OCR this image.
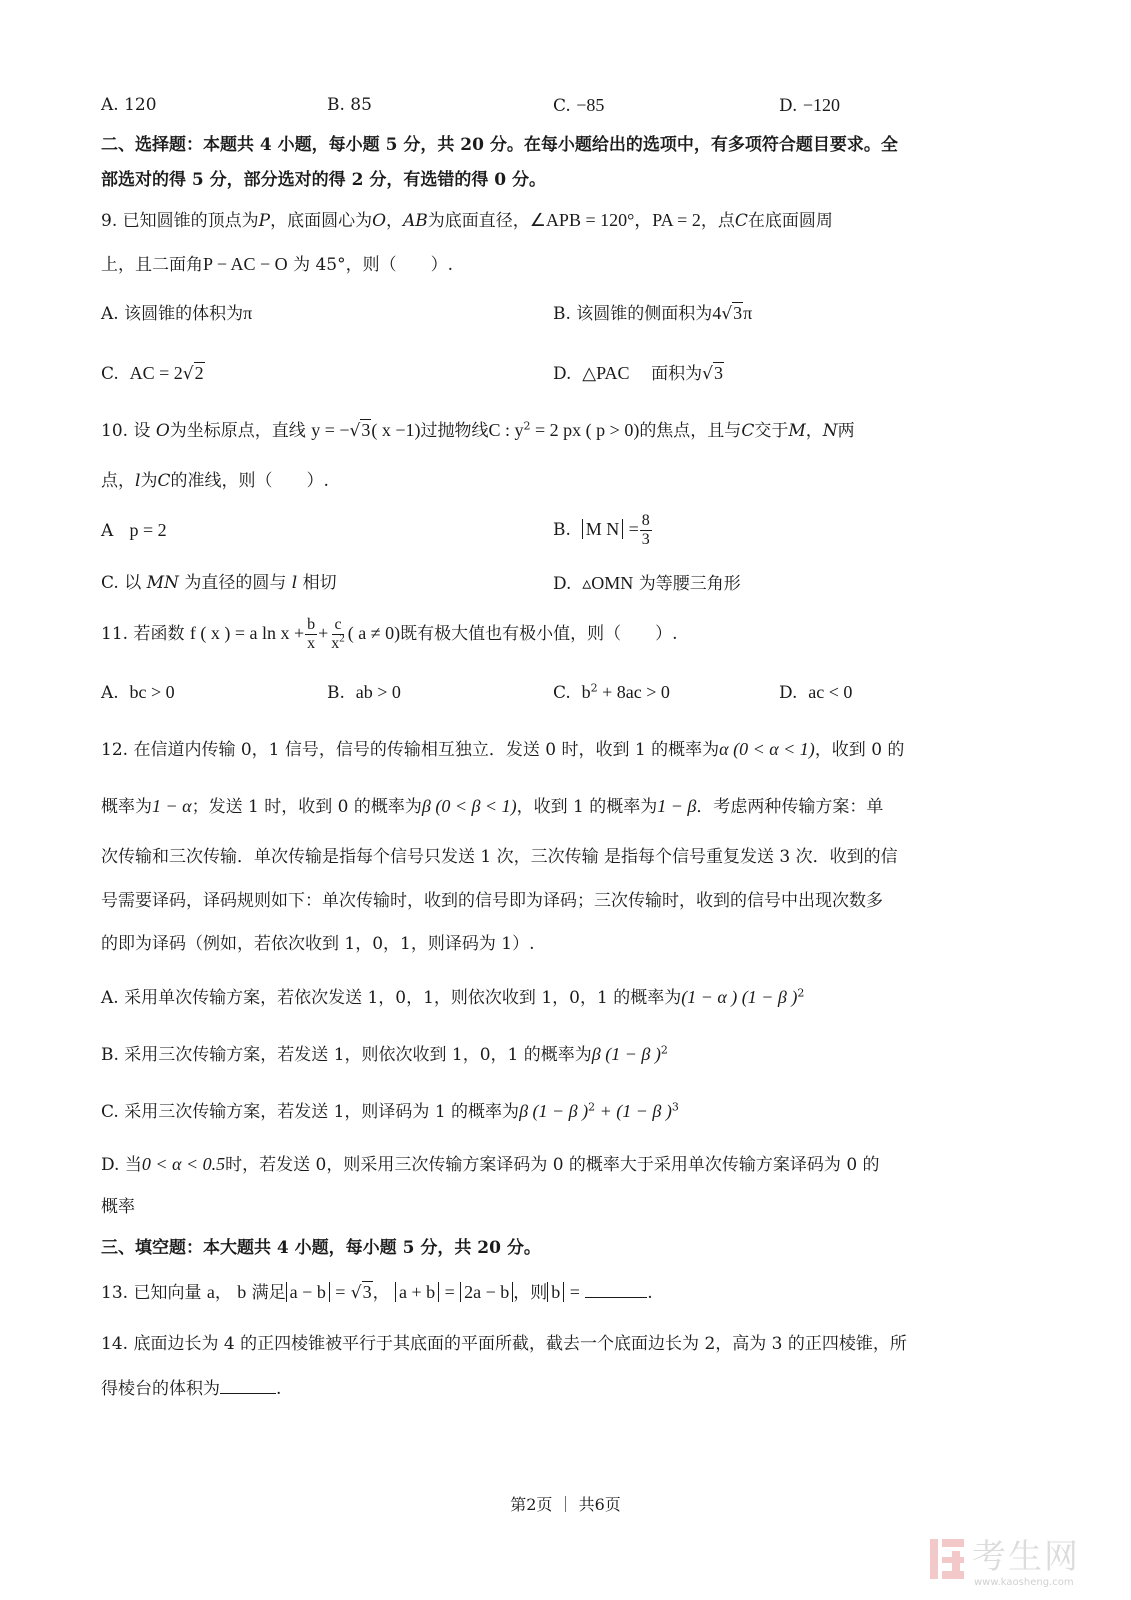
A. 120	B. 85	C. −85	D. −120
二、选择题：本题共 4 小题，每小题 5 分，共 20 分。在每小题给出的选项中，有多项符合题目要求。全
部选对的得 5 分，部分选对的得 2 分，有选错的得 0 分。
9. 已知圆锥的顶点为P，底面圆心为O，AB为底面直径，∠APB = 120°，PA = 2，点C在底面圆周
上，且二面角P − AC − O 为 45°，则（　　）.
A. 该圆锥的体积为π	B. 该圆锥的侧面积为4√3π
C. AC = 2√2	D. △PAC 面积为√3
10. 设 O为坐标原点，直线 y = −√3( x −1)过抛物线C : $y^2 = 2$ px ( p > 0)的焦点，且与C交于M，N两
点，l为C的准线，则（　　）.
A p = 2	B. M $N = \frac{8}{3}$
C. 以 MN 为直径的圆与 l 相切	D. ▵OMN 为等腰三角形
11. 若函数 f ( x ) = a $\ln x + \frac{b}{x} + \frac{c}{x^2}$ ( a ≠ 0)既有极大值也有极小值，则（　　）.
A. bc > 0	B. ab > 0	C. $b^2 + 8ac > 0$	D. ac < 0
12. 在信道内传输 0，1 信号，信号的传输相互独立．发送 0 时，收到 1 的概率为α (0 < α < 1)，收到 0 的
概率为1 − α；发送 1 时，收到 0 的概率为β (0 < β < 1)，收到 1 的概率为1 − β．考虑两种传输方案：单
次传输和三次传输．单次传输是指每个信号只发送 1 次，三次传输 是指每个信号重复发送 3 次．收到的信
号需要译码，译码规则如下：单次传输时，收到的信号即为译码；三次传输时，收到的信号中出现次数多
的即为译码（例如，若依次收到 1，0，1，则译码为 1）.
A. 采用单次传输方案，若依次发送 1，0，1，则依次收到 1，0，1 的概率为(1 − α ) (1 − β )$^2$
B. 采用三次传输方案，若发送 1，则依次收到 1，0，1 的概率为β (1 − β )$^2$
C. 采用三次传输方案，若发送 1，则译码为 1 的概率为β (1 − β )$^2$ + (1 − β )$^3$
D. 当0 < α < 0.5时，若发送 0，则采用三次传输方案译码为 0 的概率大于采用单次传输方案译码为 0 的
概率
三、填空题：本大题共 4 小题，每小题 5 分，共 20 分。
13. 已知向量 a， b 满足 a − b = √3， a + b = 2a − b ，则 b =	.
14. 底面边长为 4 的正四棱锥被平行于其底面的平面所截，截去一个底面边长为 2，高为 3 的正四棱锥，所
得棱台的体积为	.
第2页 ｜ 共6页
考生网
www.kaosheng.com
